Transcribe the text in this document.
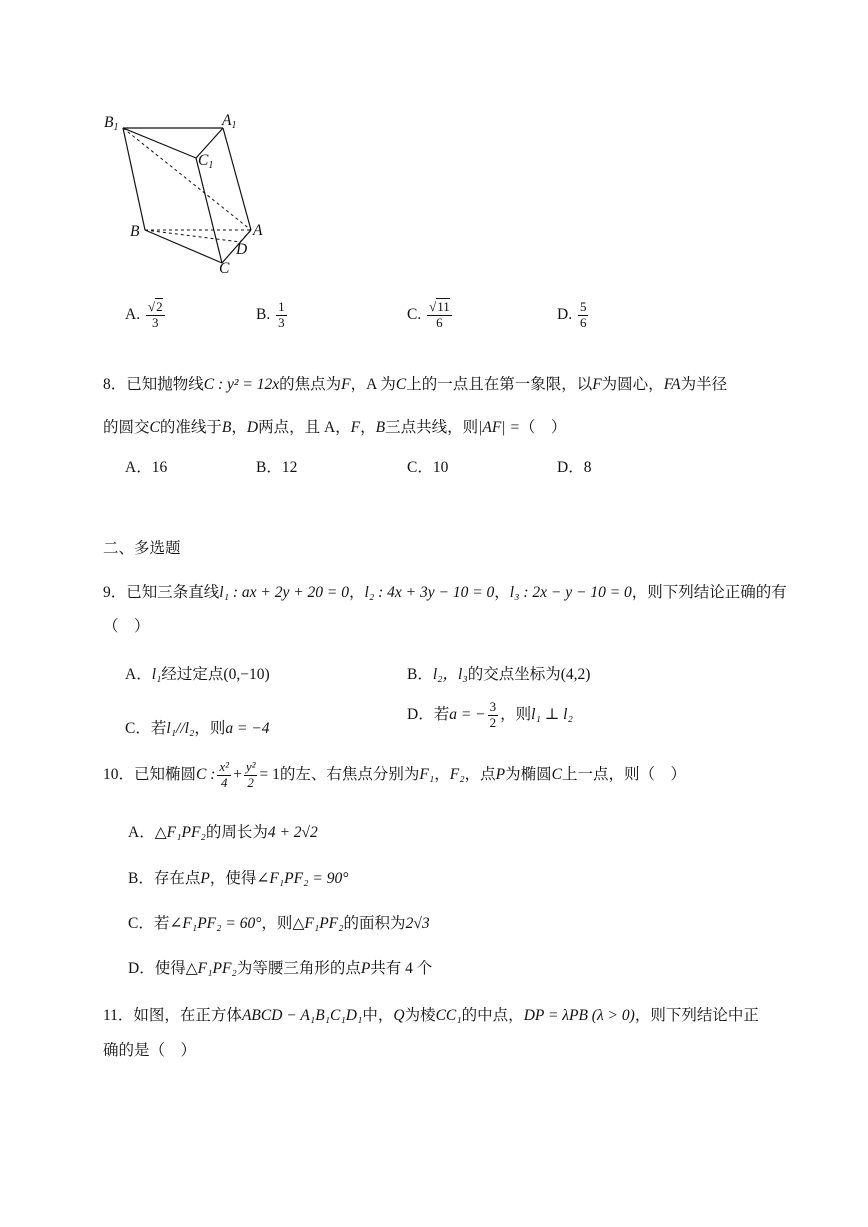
$B_1$	$A_1$
$C_1$
B	A
D
C
A. $\frac{√2}{3}$	B. $\frac{1}{3}$	C. $\frac{√11}{6}$	D. $\frac{5}{6}$
8．已知抛物线C : y² = 12x的焦点为F，A 为C上的一点且在第一象限，以F为圆心，FA为半径
的圆交C的准线于B，D两点，且 A，F，B三点共线，则|AF| =（　）
A．16	B．12	C．10	D．8
二、多选题
9．已知三条直线l₁ : ax + 2y + 20 = 0，l₂ : 4x + 3y − 10 = 0，l₃ : 2x − y − 10 = 0，则下列结论正确的有
（　）
A．l₁经过定点(0,−10)	B．l₂，l₃的交点坐标为(4,2)
C．若l₁//l₂，则a = −4
D．若a = − $\frac{3}{2}$ ，则l₁ ⊥ l₂
10．已知椭圆C : $\frac{\text{x²}}{4} + \frac{\text{y²}}{2} = 1$的左、右焦点分别为F₁，F₂，点P为椭圆C上一点，则（　）
A．△F₁PF₂的周长为4 + 2√2
B．存在点P，使得∠F₁PF₂ = 90°
C．若∠F₁PF₂ = 60°，则△F₁PF₂的面积为2√3
D．使得△F₁PF₂为等腰三角形的点P共有 4 个
11．如图，在正方体ABCD − A₁B₁C₁D₁中，Q为棱CC₁的中点，DP = λPB (λ > 0)，则下列结论中正
确的是（　）
